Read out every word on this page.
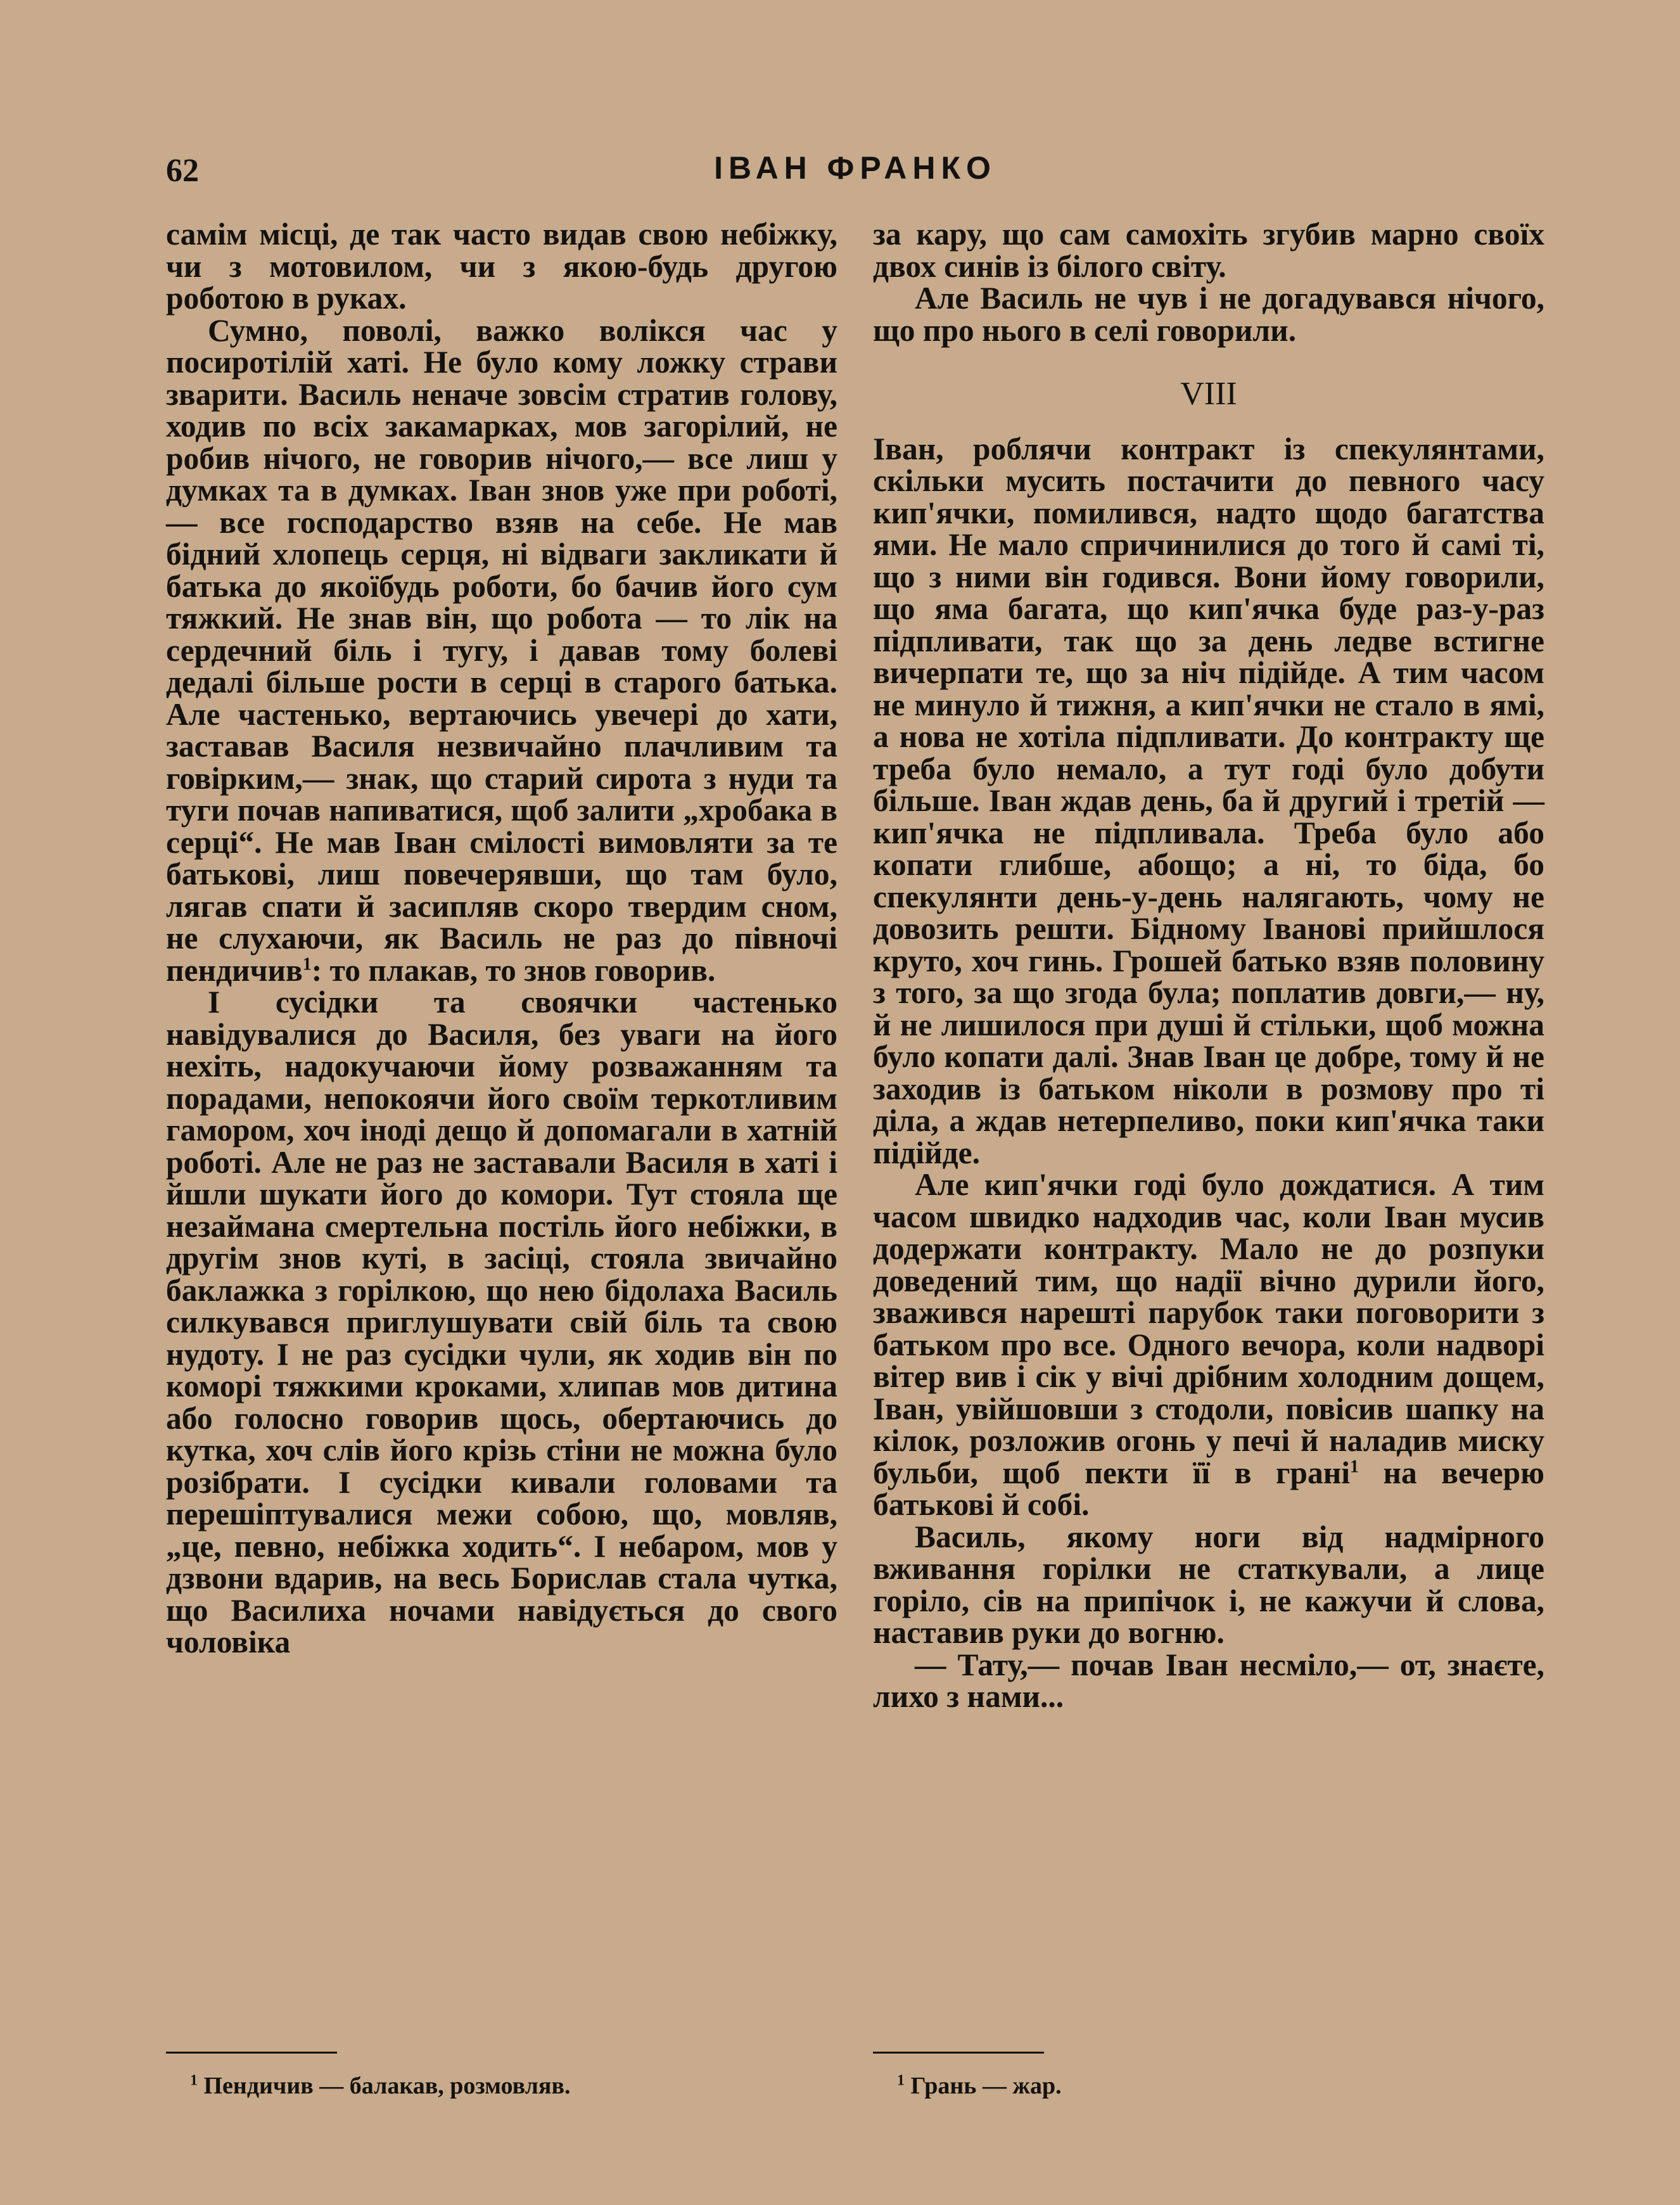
62	ІВАН ФРАНКО

самім місці, де так часто видав свою небіжку, чи з мотовилом, чи з якою-будь другою роботою в руках.

Сумно, поволі, важко волікся час у посиротілій хаті. Не було кому ложку страви зварити. Василь неначе зовсім стратив голову, ходив по всіх закамарках, мов загорілий, не робив нічого, не говорив нічого,— все лиш у думках та в думках. Іван знов уже при роботі,— все господарство взяв на себе. Не мав бідний хлопець серця, ні відваги закликати й батька до якоїбудь роботи, бо бачив його сум тяжкий. Не знав він, що робота — то лік на сердечний біль і тугу, і давав тому болеві дедалі більше рости в серці в старого батька. Але частенько, вертаючись увечері до хати, заставав Василя незвичайно плачливим та говірким,— знак, що старий сирота з нуди та туги почав напиватися, щоб залити „хробака в серці“. Не мав Іван смілості вимовляти за те батькові, лиш повечерявши, що там було, лягав спати й засипляв скоро твердим сном, не слухаючи, як Василь не раз до півночі пендичив$^1$: то плакав, то знов говорив.

І сусідки та своячки частенько навідувалися до Василя, без уваги на його нехіть, надокучаючи йому розважанням та порадами, непокоячи його своїм теркотливим гамором, хоч іноді дещо й допомагали в хатній роботі. Але не раз не заставали Василя в хаті і йшли шукати його до комори. Тут стояла ще незаймана смертельна постіль його небіжки, в другім знов куті, в засіці, стояла звичайно баклажка з горілкою, що нею бідолаха Василь силкувався приглушувати свій біль та свою нудоту. І не раз сусідки чули, як ходив він по коморі тяжкими кроками, хлипав мов дитина або голосно говорив щось, обертаючись до кутка, хоч слів його крізь стіни не можна було розібрати. І сусідки кивали головами та перешіптувалися межи собою, що, мовляв, „це, певно, небіжка ходить“. І небаром, мов у дзвони вдарив, на весь Борислав стала чутка, що Василиха ночами навідується до свого чоловіка

за кару, що сам самохіть згубив марно своїх двох синів із білого світу.

Але Василь не чув і не догадувався нічого, що про нього в селі говорили.

VIII

Іван, роблячи контракт із спекулянтами, скільки мусить постачити до певного часу кип'ячки, помилився, надто щодо багатства ями. Не мало спричинилися до того й самі ті, що з ними він годився. Вони йому говорили, що яма багата, що кип'ячка буде раз-у-раз підпливати, так що за день ледве встигне вичерпати те, що за ніч підійде. А тим часом не минуло й тижня, а кип'ячки не стало в ямі, а нова не хотіла підпливати. До контракту ще треба було немало, а тут годі було добути більше. Іван ждав день, ба й другий і третій — кип'ячка не підпливала. Треба було або копати глибше, абощо; а ні, то біда, бо спекулянти день-у-день налягають, чому не довозить решти. Бідному Іванові прийшлося круто, хоч гинь. Грошей батько взяв половину з того, за що згода була; поплатив довги,— ну, й не лишилося при душі й стільки, щоб можна було копати далі. Знав Іван це добре, тому й не заходив із батьком ніколи в розмову про ті діла, а ждав нетерпеливо, поки кип'ячка таки підійде.

Але кип'ячки годі було дождатися. А тим часом швидко надходив час, коли Іван мусив додержати контракту. Мало не до розпуки доведений тим, що надії вічно дурили його, зважився нарешті парубок таки поговорити з батьком про все. Одного вечора, коли надворі вітер вив і сік у вічі дрібним холодним дощем, Іван, увійшовши з стодоли, повісив шапку на кілок, розложив огонь у печі й наладив миску бульби, щоб пекти її в грані$^1$ на вечерю батькові й собі.

Василь, якому ноги від надмірного вживання горілки не статкували, а лице горіло, сів на припічок і, не кажучи й слова, наставив руки до вогню.

— Тату,— почав Іван несміло,— от, знаєте, лихо з нами...

$^1$ Пендичив — балакав, розмовляв.	$^1$ Грань — жар.
